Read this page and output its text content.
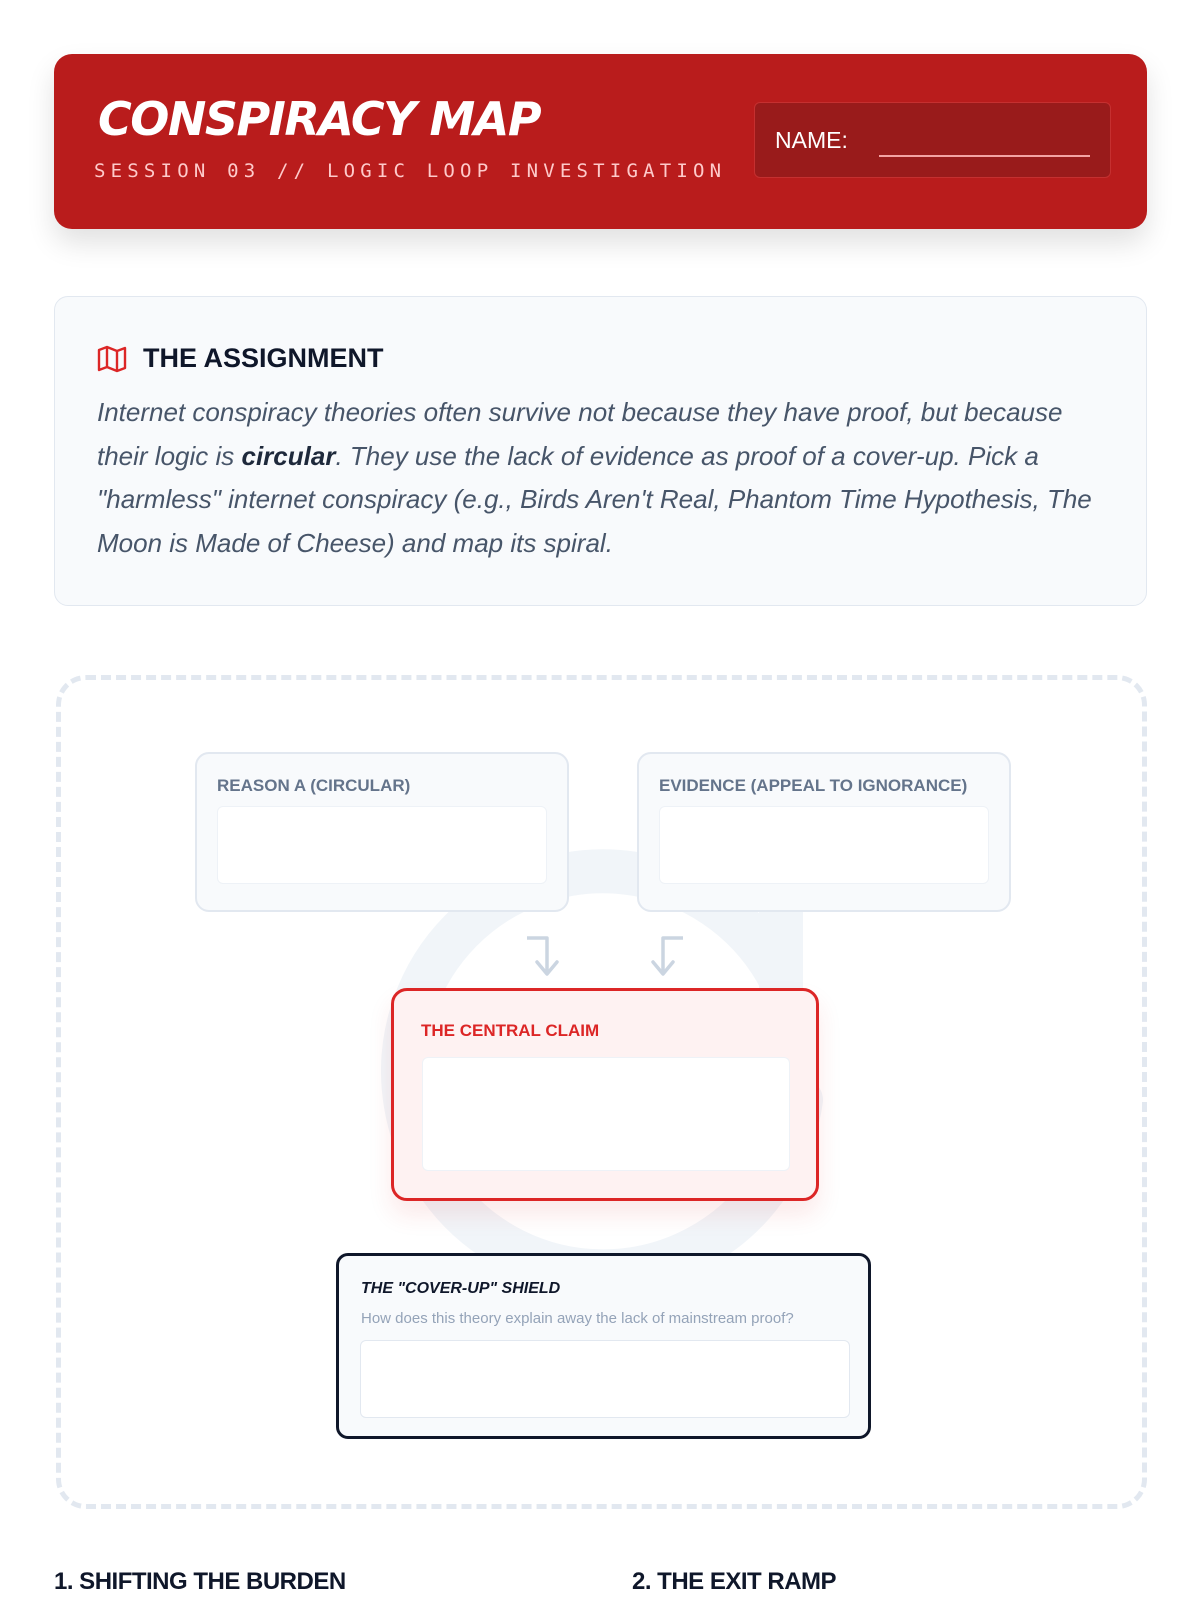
CONSPIRACY MAP
SESSION 03 // LOGIC LOOP INVESTIGATION
NAME:
THE ASSIGNMENT

Internet conspiracy theories often survive not because they have proof, but because their logic is circular. They use the lack of evidence as proof of a cover-up. Pick a "harmless" internet conspiracy (e.g., Birds Aren't Real, Phantom Time Hypothesis, The Moon is Made of Cheese) and map its spiral.

REASON A (CIRCULAR)	EVIDENCE (APPEAL TO IGNORANCE)
THE CENTRAL CLAIM
THE "COVER-UP" SHIELD
How does this theory explain away the lack of mainstream proof?
1. SHIFTING THE BURDEN	2. THE EXIT RAMP
